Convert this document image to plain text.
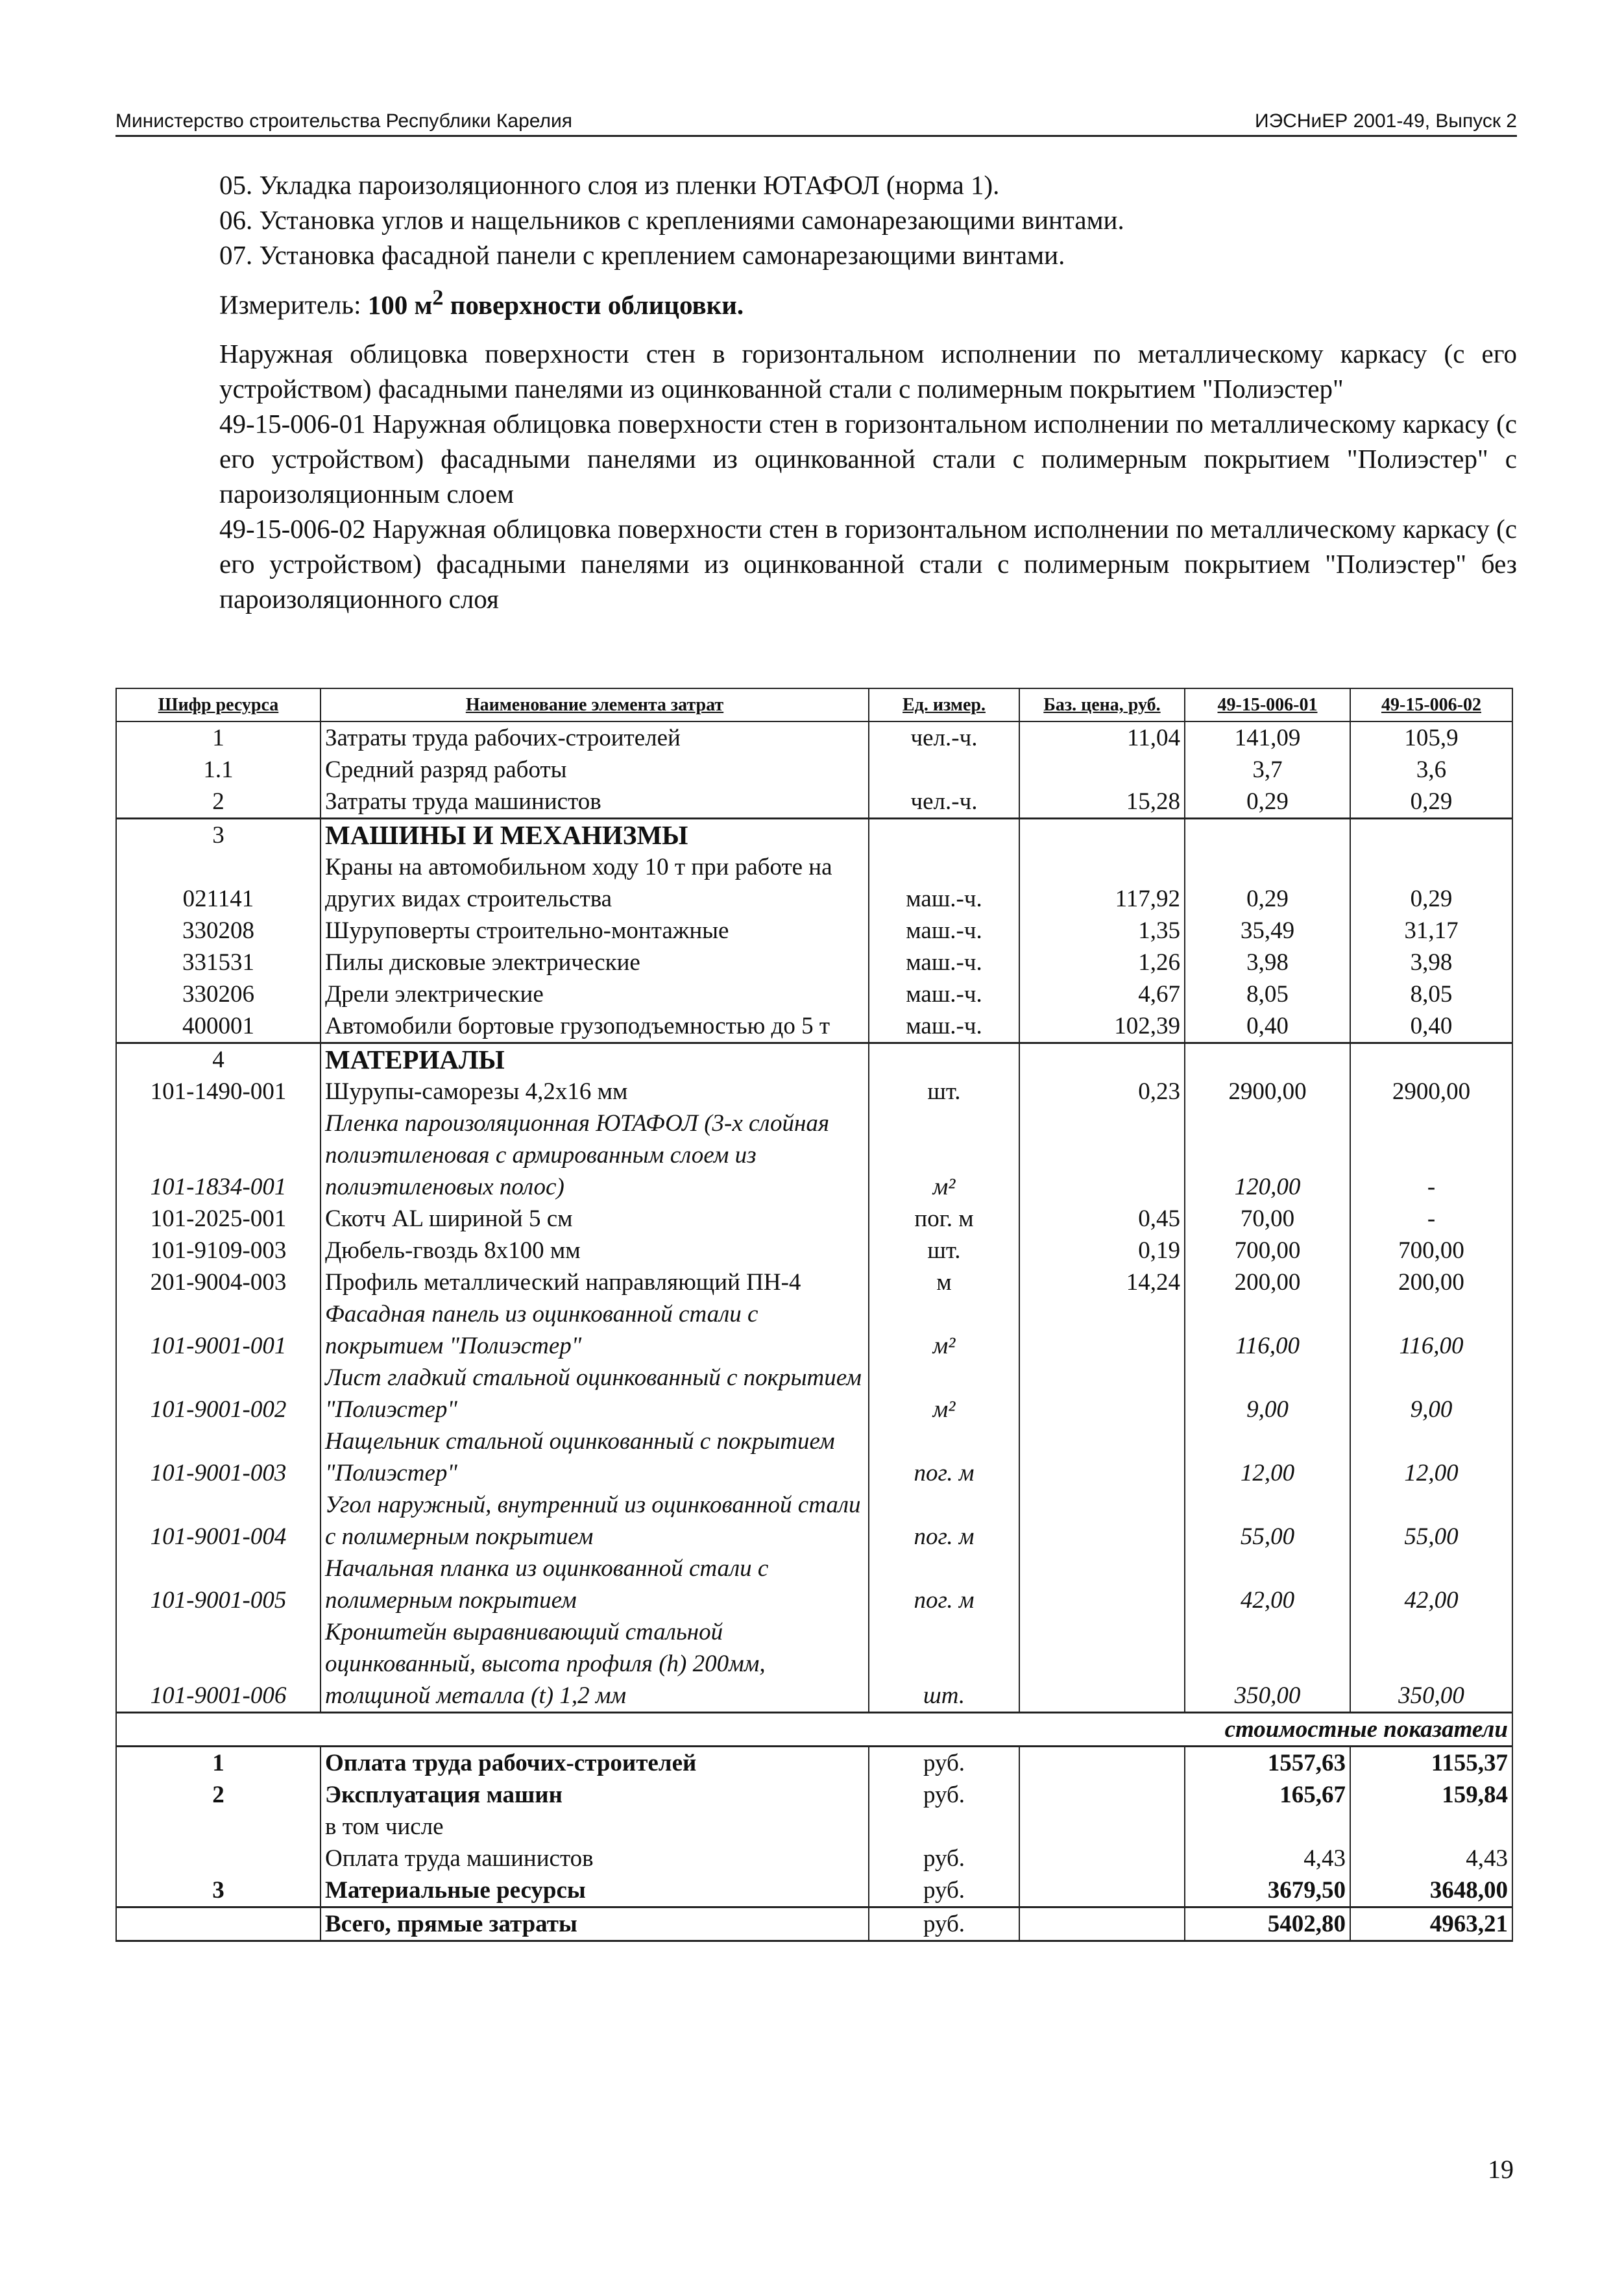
Министерство строительства Республики Карелия	ИЭСНиЕР 2001-49, Выпуск 2
05. Укладка пароизоляционного слоя из пленки ЮТАФОЛ (норма 1).
06. Установка углов и нащельников с креплениями самонарезающими винтами.
07. Установка фасадной панели с креплением самонарезающими винтами.
Измеритель: 100 $м^2$ поверхности облицовки.

Наружная облицовка поверхности стен в горизонтальном исполнении по металлическому каркасу (с его устройством) фасадными панелями из оцинкованной стали с полимерным покрытием "Полиэстер"

49-15-006-01 Наружная облицовка поверхности стен в горизонтальном исполнении по металлическому каркасу (с его устройством) фасадными панелями из оцинкованной стали с полимерным покрытием "Полиэстер" с пароизоляционным слоем

49-15-006-02 Наружная облицовка поверхности стен в горизонтальном исполнении по металлическому каркасу (с его устройством) фасадными панелями из оцинкованной стали с полимерным покрытием "Полиэстер" без пароизоляционного слоя

Шифр ресурса	Наименование элемента затрат	Ед. измер.	Баз. цена, руб.	49-15-006-01	49-15-006-02
1	Затраты труда рабочих-строителей	чел.-ч.	11,04	141,09	105,9
1.1	Средний разряд работы			3,7	3,6
2	Затраты труда машинистов	чел.-ч.	15,28	0,29	0,29
3	МАШИНЫ И МЕХАНИЗМЫ				
021141	Краны на автомобильном ходу 10 т при работе на других видах строительства	маш.-ч.	117,92	0,29	0,29
330208	Шуруповерты строительно-монтажные	маш.-ч.	1,35	35,49	31,17
331531	Пилы дисковые электрические	маш.-ч.	1,26	3,98	3,98
330206	Дрели электрические	маш.-ч.	4,67	8,05	8,05
400001	Автомобили бортовые грузоподъемностью до 5 т	маш.-ч.	102,39	0,40	0,40
4	МАТЕРИАЛЫ				
101-1490-001	Шурупы-саморезы 4,2х16 мм	шт.	0,23	2900,00	2900,00
101-1834-001	Пленка пароизоляционная ЮТАФОЛ (3-х слойная полиэтиленовая с армированным слоем из полиэтиленовых полос)	м²		120,00	-
101-2025-001	Скотч AL шириной 5 см	пог. м	0,45	70,00	-
101-9109-003	Дюбель-гвоздь 8х100 мм	шт.	0,19	700,00	700,00
201-9004-003	Профиль металлический направляющий ПН-4	м	14,24	200,00	200,00
101-9001-001	Фасадная панель из оцинкованной стали с покрытием "Полиэстер"	м²		116,00	116,00
101-9001-002	Лист гладкий стальной оцинкованный с покрытием "Полиэстер"	м²		9,00	9,00
101-9001-003	Нащельник стальной оцинкованный с покрытием "Полиэстер"	пог. м		12,00	12,00
101-9001-004	Угол наружный, внутренний из оцинкованной стали с полимерным покрытием	пог. м		55,00	55,00
101-9001-005	Начальная планка из оцинкованной стали с полимерным покрытием	пог. м		42,00	42,00
101-9001-006	Кронштейн выравнивающий стальной оцинкованный, высота профиля (h) 200мм, толщиной металла (t) 1,2 мм	шт.		350,00	350,00
стоимостные показатели					
1	Оплата труда рабочих-строителей	руб.		1557,63	1155,37
2	Эксплуатация машин	руб.		165,67	159,84
	в том числе				
	Оплата труда машинистов	руб.		4,43	4,43
3	Материальные ресурсы	руб.		3679,50	3648,00
	Всего, прямые затраты	руб.		5402,80	4963,21
19
